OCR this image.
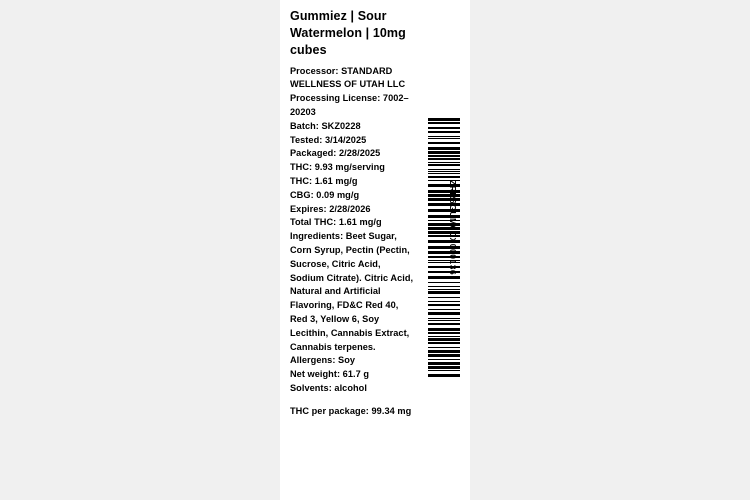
Gummiez | Sour Watermelon | 10mg cubes
Processor: STANDARD WELLNESS OF UTAH LLC
Processing License: 7002–20203
Batch: SKZ0228
Tested: 3/14/2025
Packaged: 2/28/2025
THC: 9.93 mg/serving
THC: 1.61 mg/g
CBG: 0.09 mg/g
Expires: 2/28/2026
Total THC: 1.61 mg/g
Ingredients: Beet Sugar, Corn Syrup, Pectin (Pectin, Sucrose, Citric Acid, Sodium Citrate). Citric Acid, Natural and Artificial Flavoring, FD&C Red 40, Red 3, Yellow 6, Soy Lecithin, Cannabis Extract, Cannabis terpenes.
Allergens: Soy
Net weight: 61.7 g
Solvents: alcohol
THC per package: 99.34 mg
ZRR6GUM6CX000136
